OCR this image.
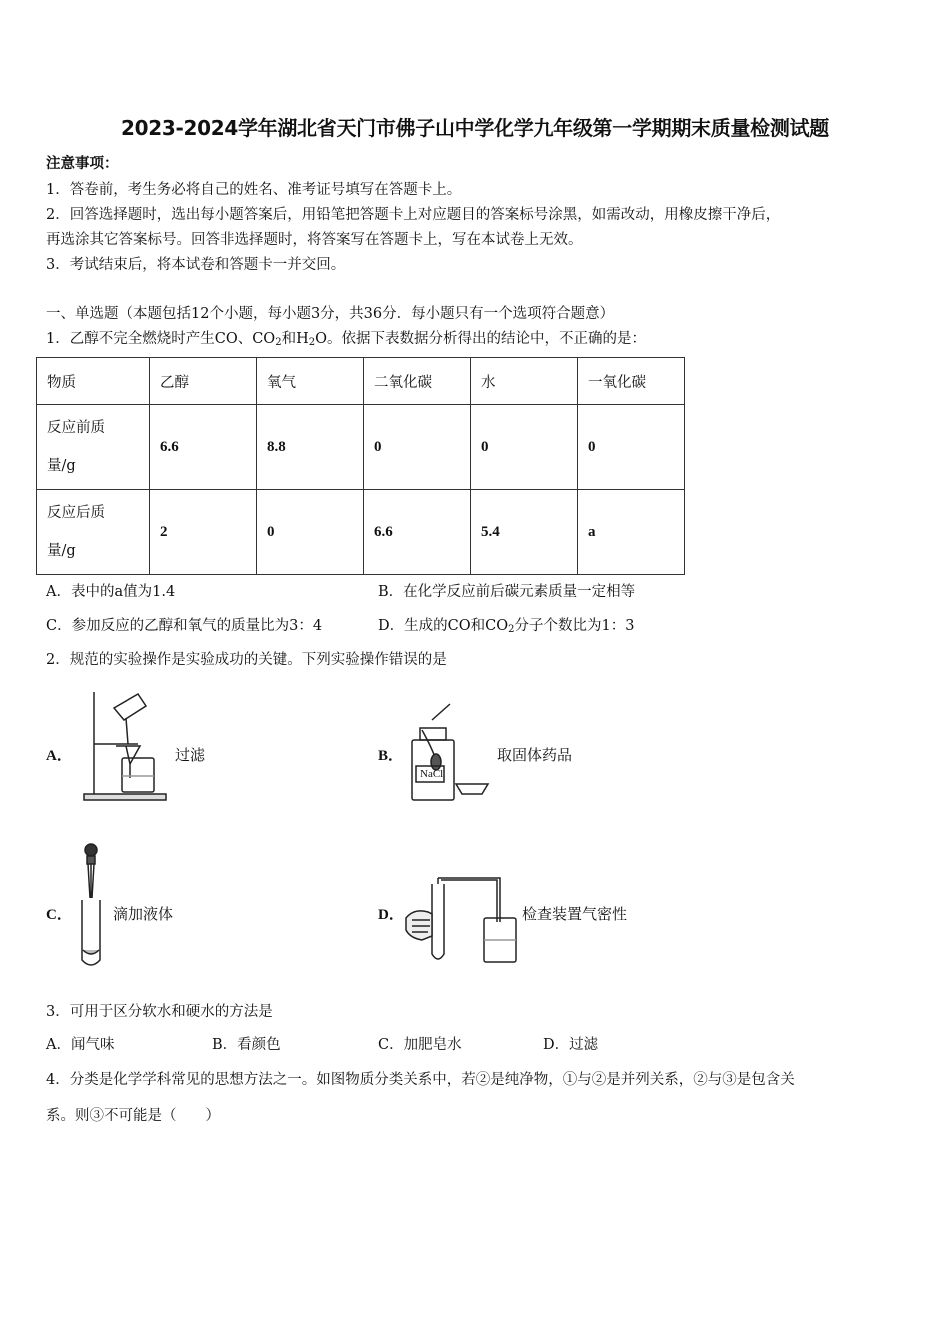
2023-2024学年湖北省天门市佛子山中学化学九年级第一学期期末质量检测试题
注意事项：
1．答卷前，考生务必将自己的姓名、准考证号填写在答题卡上。
2．回答选择题时，选出每小题答案后，用铅笔把答题卡上对应题目的答案标号涂黑，如需改动，用橡皮擦干净后，
再选涂其它答案标号。回答非选择题时，将答案写在答题卡上，写在本试卷上无效。
3．考试结束后，将本试卷和答题卡一并交回。
一、单选题（本题包括12个小题，每小题3分，共36分．每小题只有一个选项符合题意）
1．乙醇不完全燃烧时产生CO、$CO_2$和$H_2O$。依据下表数据分析得出的结论中，不正确的是：
物质	乙醇	氧气	二氧化碳	水	一氧化碳

反应前质
量/g	6.6	8.8	0	0	0

反应后质
量/g	2	0	6.6	5.4	a
A．表中的a值为1.4	B．在化学反应前后碳元素质量一定相等
C．参加反应的乙醇和氧气的质量比为3：4	D．生成的CO和$CO_2$分子个数比为1：3
2．规范的实验操作是实验成功的关键。下列实验操作错误的是
A．	过滤	B．
NaCl
取固体药品
C．	滴加液体	D．	检查装置气密性
3．可用于区分软水和硬水的方法是
A．闻气味	B．看颜色	C．加肥皂水	D．过滤
4．分类是化学学科常见的思想方法之一。如图物质分类关系中，若②是纯净物，①与②是并列关系，②与③是包含关
系。则③不可能是（　　）
